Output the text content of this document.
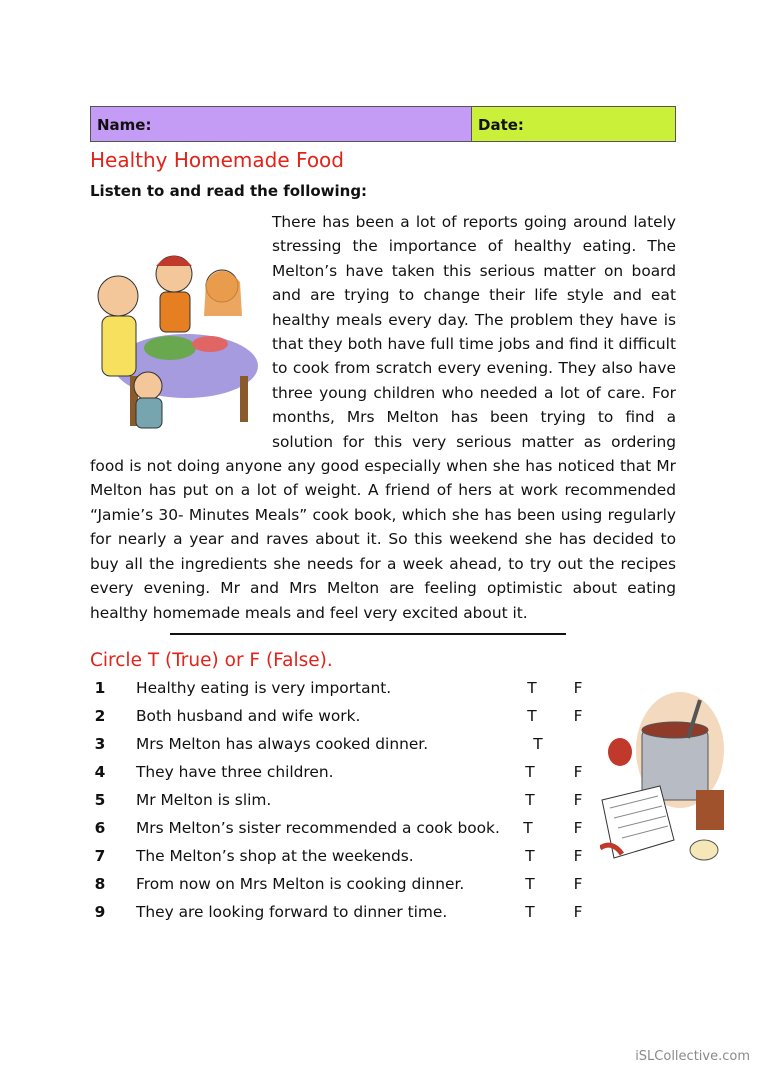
Name:	Date:
Healthy Homemade Food
Listen to and read the following:
There has been a lot of reports going around lately stressing the importance of healthy eating. The Melton’s have taken this serious matter on board and are trying to change their life style and eat healthy meals every day. The problem they have is that they both have full time jobs and find it difficult to cook from scratch every evening. They also have three young children who needed a lot of care. For months, Mrs Melton has been trying to find a solution for this very serious matter as ordering food is not doing anyone any good especially when she has noticed that Mr Melton has put on a lot of weight. A friend of hers at work recommended “Jamie’s 30- Minutes Meals” cook book, which she has been using regularly for nearly a year and raves about it. So this weekend she has decided to buy all the ingredients she needs for a week ahead, to try out the recipes every evening. Mr and Mrs Melton are feeling optimistic about eating healthy homemade meals and feel very excited about it.
Circle T (True) or F (False).
1	Healthy eating is very important.	T F
2	Both husband and wife work.	T F
3	Mrs Melton has always cooked dinner.	T
4	They have three children.	T	F
5	Mr Melton is slim.	T	F
6	Mrs Melton’s sister recommended a cook book. T	F
7	The Melton’s shop at the weekends.	T	F
8	From now on Mrs Melton is cooking dinner.	T	F
9	They are looking forward to dinner time.	T	F
iSLCollective.com
